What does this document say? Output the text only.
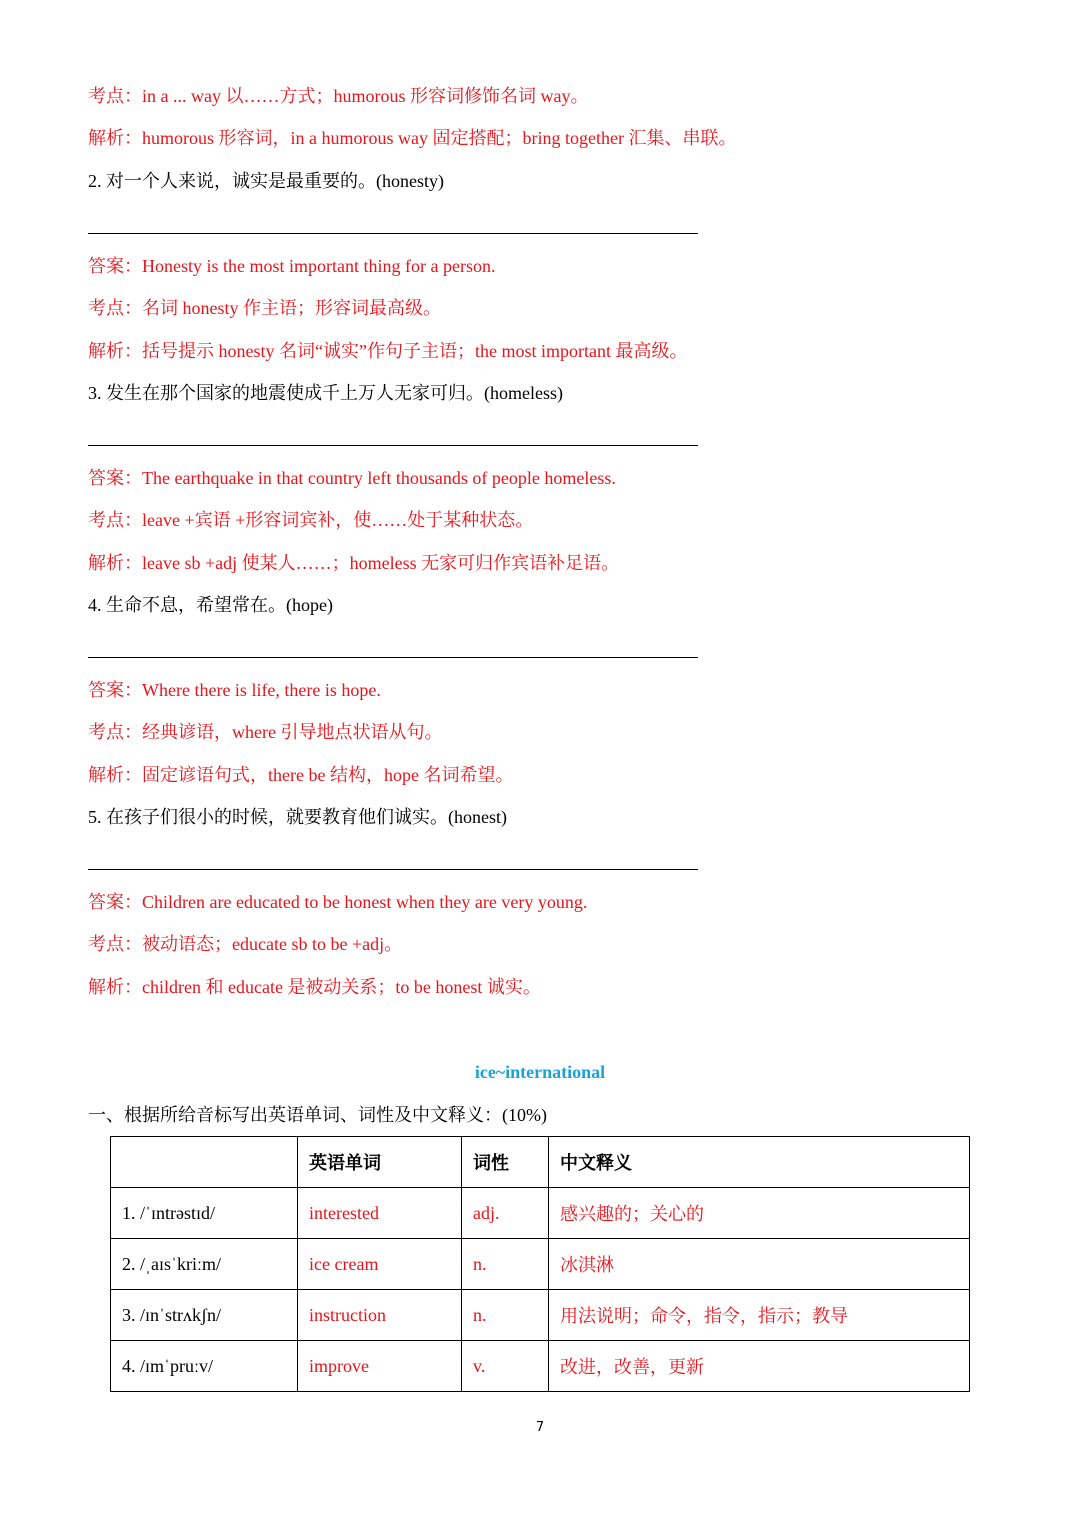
考点：in a ... way 以……方式；humorous 形容词修饰名词 way。
解析：humorous 形容词，in a humorous way 固定搭配；bring together 汇集、串联。
2. 对一个人来说，诚实是最重要的。(honesty)
答案：Honesty is the most important thing for a person.
考点：名词 honesty 作主语；形容词最高级。
解析：括号提示 honesty 名词“诚实”作句子主语；the most important 最高级。
3. 发生在那个国家的地震使成千上万人无家可归。(homeless)
答案：The earthquake in that country left thousands of people homeless.
考点：leave +宾语 +形容词宾补，使……处于某种状态。
解析：leave sb +adj 使某人……；homeless 无家可归作宾语补足语。
4. 生命不息，希望常在。(hope)
答案：Where there is life, there is hope.
考点：经典谚语，where 引导地点状语从句。
解析：固定谚语句式，there be 结构，hope 名词希望。
5. 在孩子们很小的时候，就要教育他们诚实。(honest)
答案：Children are educated to be honest when they are very young.
考点：被动语态；educate sb to be +adj。
解析：children 和 educate 是被动关系；to be honest 诚实。
ice~international
一、根据所给音标写出英语单词、词性及中文释义：(10%)
	英语单词	词性	中文释义
1. /ˈɪntrəstɪd/	interested	adj.	感兴趣的；关心的
2. /ˌaɪsˈkriːm/	ice cream	n.	冰淇淋
3. /ɪnˈstrʌkʃn/	instruction	n.	用法说明；命令，指令，指示；教导
4. /ɪmˈpruːv/	improve	v.	改进，改善，更新
7
